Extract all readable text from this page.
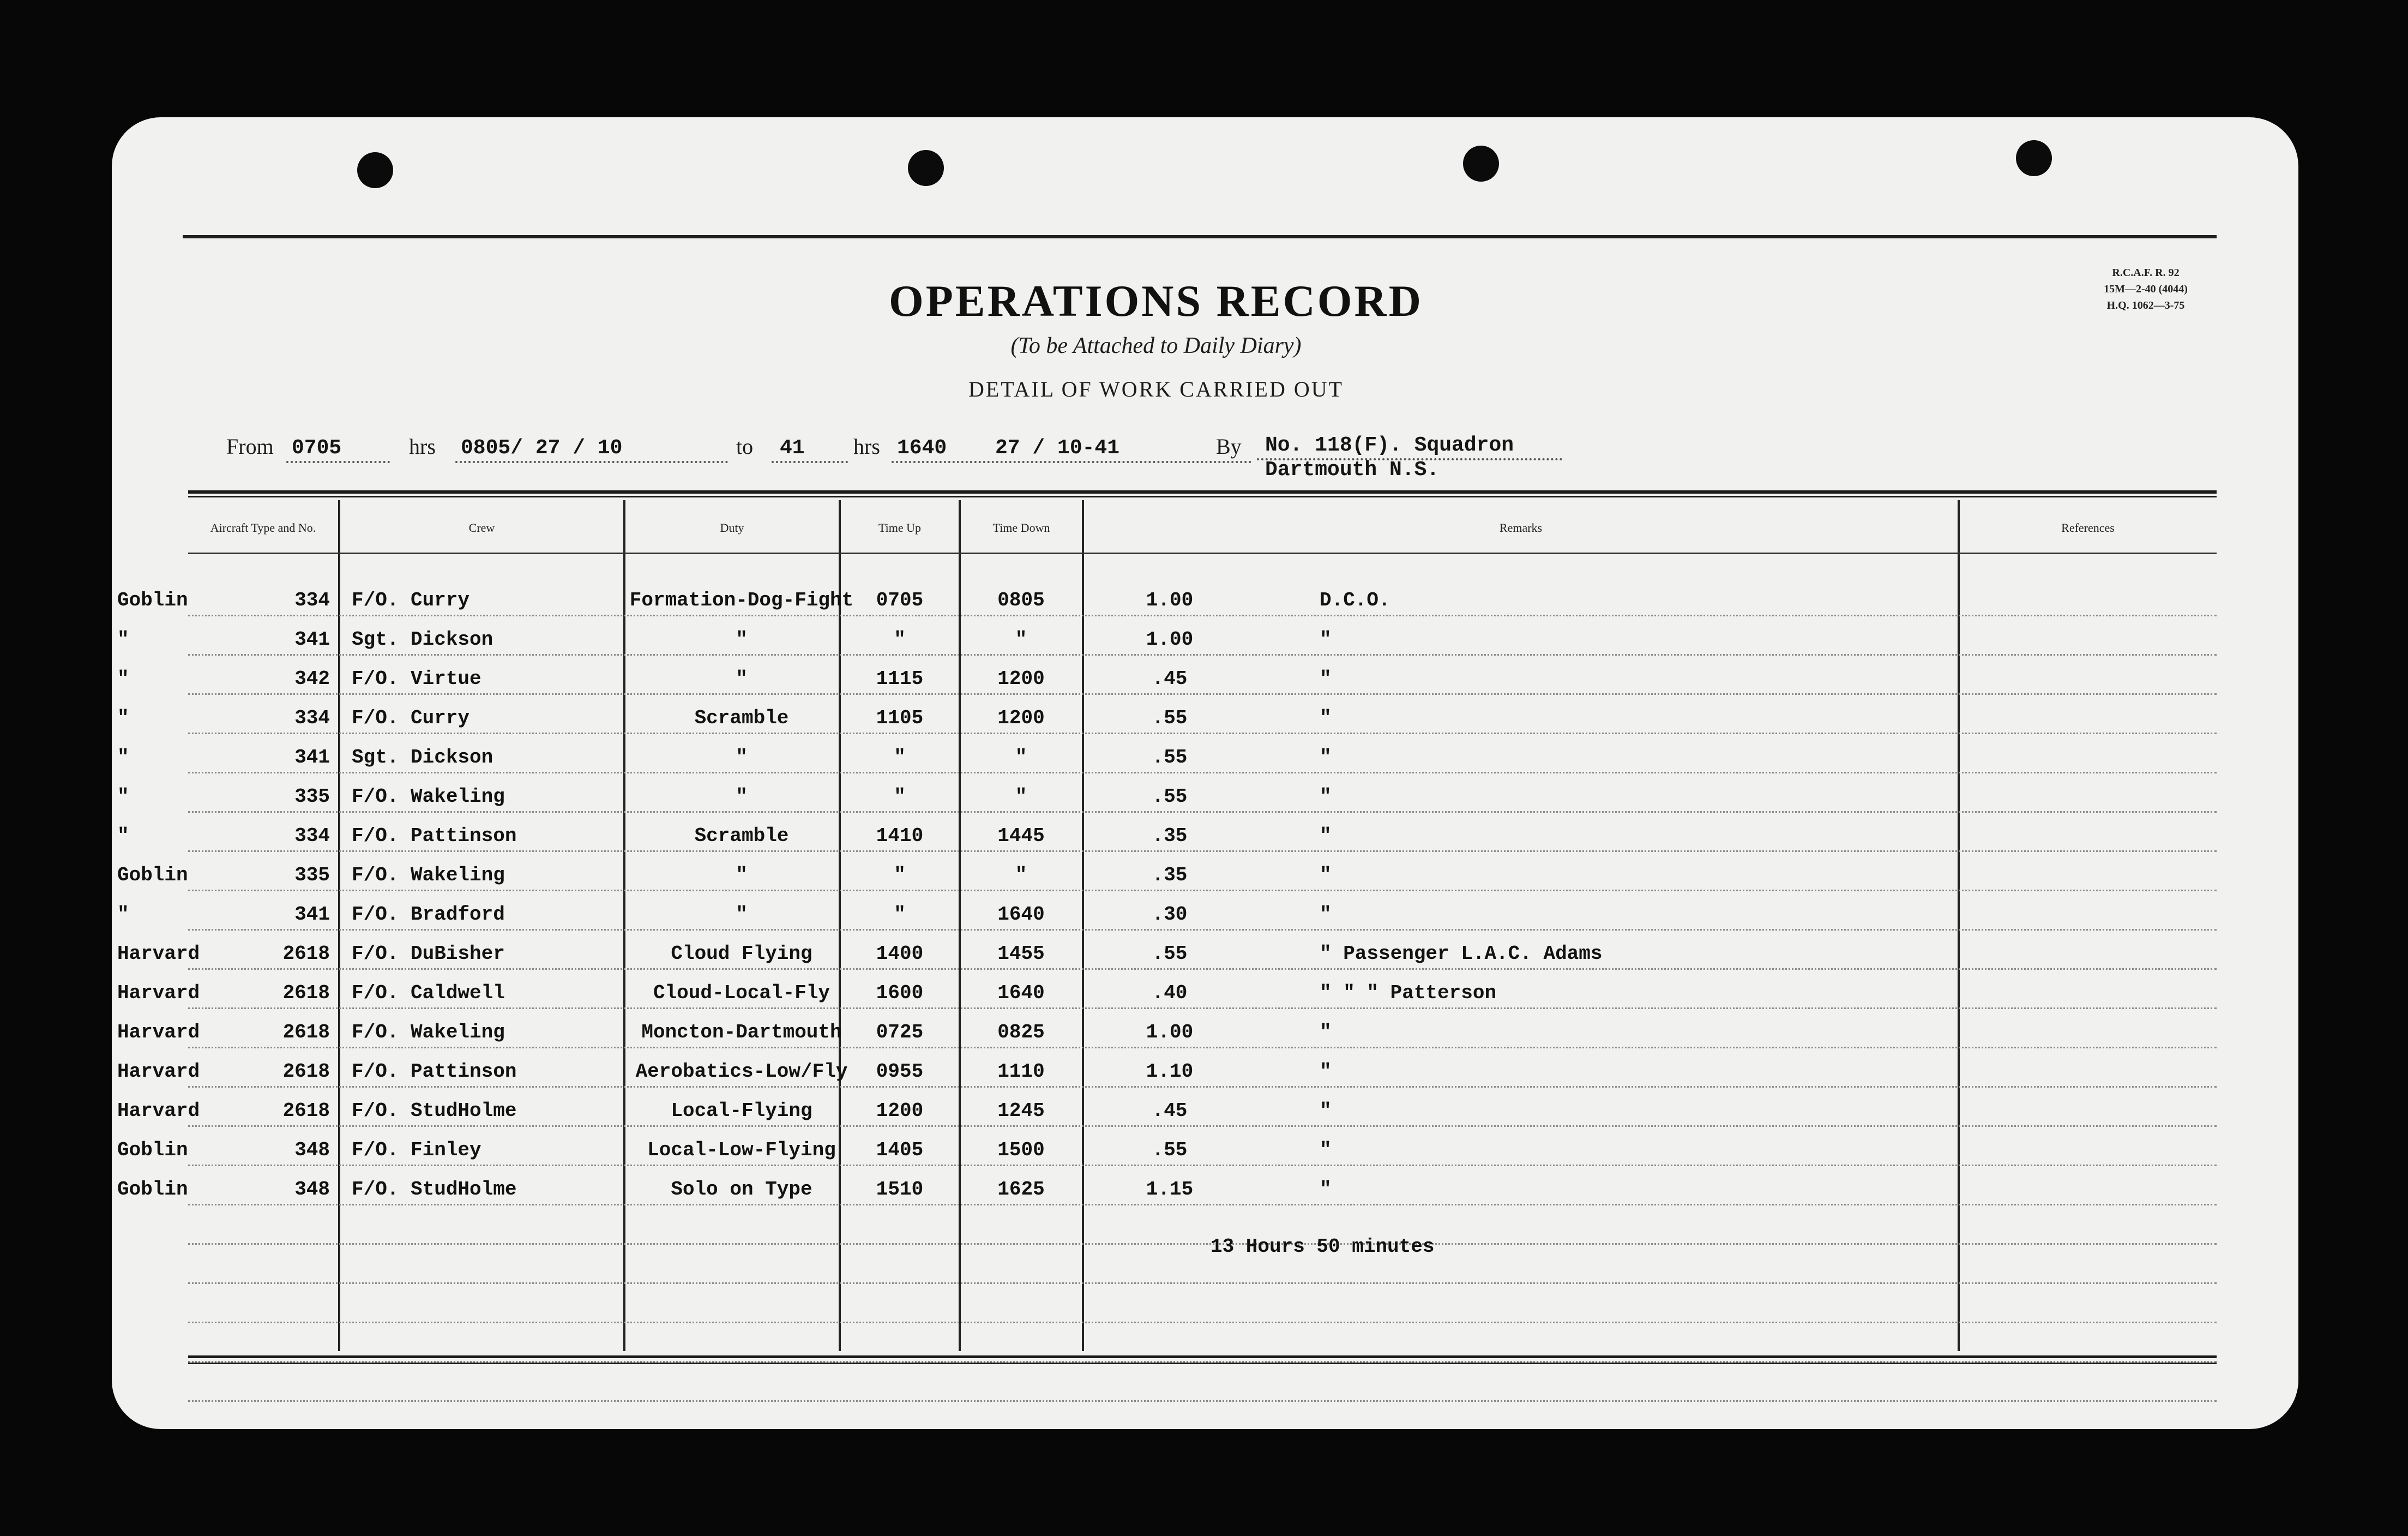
R.C.A.F. R. 92
15M—2-40 (4044)
H.Q. 1062—3-75
OPERATIONS RECORD
(To be Attached to Daily Diary)
DETAIL OF WORK CARRIED OUT
From 0705	hrs 0805/ 27 / 10	to 41 hrs 1640 27 / 10-41	By No. 118(F). Squadron
Dartmouth N.S.
Aircraft Type and No.	Crew	Duty	Time Up	Time Down	Remarks	References
Goblin	334 F/O. Curry	Formation-Dog-Fight	0705	0805	1.00	D.C.O.
"	341 Sgt. Dickson	"	"	"	1.00	"
"	342 F/O. Virtue	"	1115	1200	.45	"
"	334 F/O. Curry	Scramble	1105	1200	.55	"
"	341 Sgt. Dickson	"	"	"	.55	"
"	335 F/O. Wakeling	"	"	"	.55	"
"	334 F/O. Pattinson	Scramble	1410	1445	.35	"
Goblin	335 F/O. Wakeling	"	"	"	.35	"
"	341 F/O. Bradford	"	"	1640	.30	"
Harvard	2618 F/O. DuBisher	Cloud Flying	1400	1455	.55	" Passenger L.A.C. Adams
Harvard	2618 F/O. Caldwell	Cloud-Local-Fly	1600	1640	.40	" " " Patterson
Harvard	2618 F/O. Wakeling	Moncton-Dartmouth	0725	0825	1.00	"
Harvard	2618 F/O. Pattinson	Aerobatics-Low/Fly	0955	1110	1.10	"
Harvard	2618 F/O. StudHolme	Local-Flying	1200	1245	.45	"
Goblin	348 F/O. Finley	Local-Low-Flying	1405	1500	.55	"
Goblin	348 F/O. StudHolme	Solo on Type	1510	1625	1.15	"
13 Hours 50 minutes
